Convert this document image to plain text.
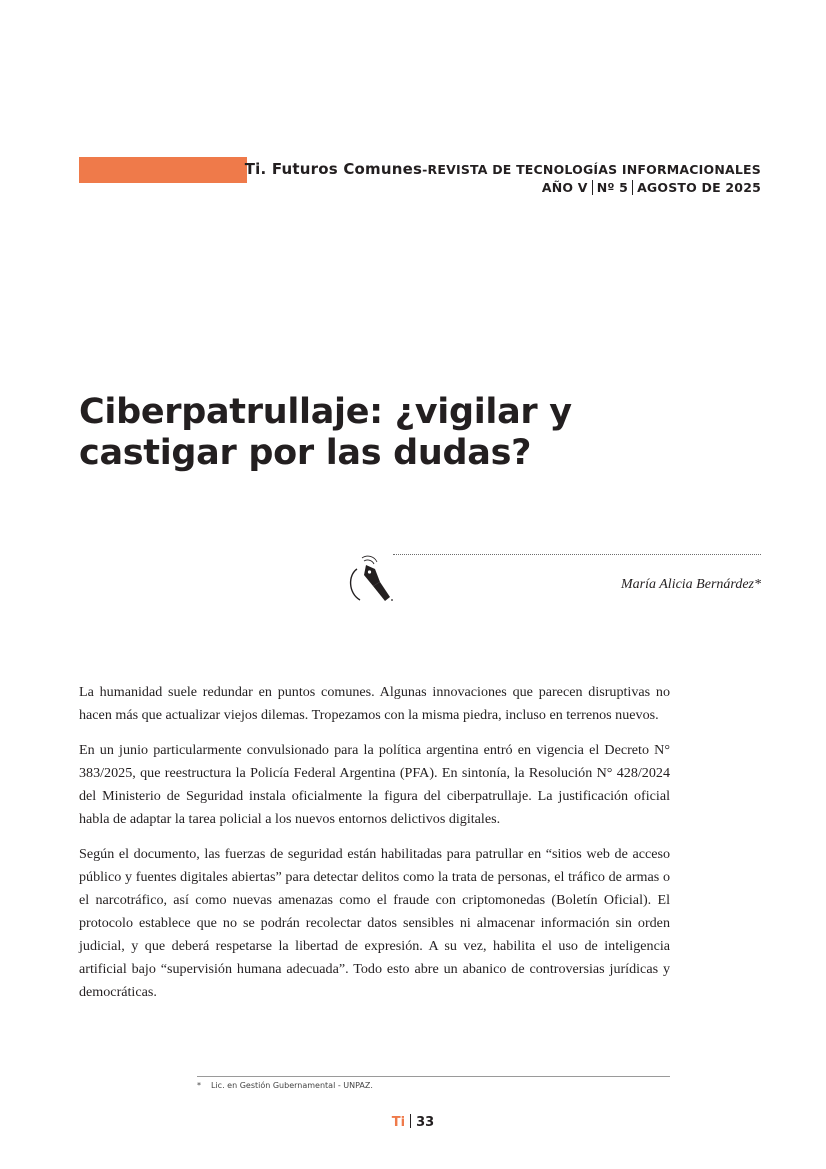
Ti. Futuros Comunes-REVISTA DE TECNOLOGÍAS INFORMACIONALES
AÑO V Nº 5 AGOSTO DE 2025
Ciberpatrullaje: ¿vigilar y castigar por las dudas?
María Alicia Bernárdez*

La humanidad suele redundar en puntos comunes. Algunas innovaciones que parecen disruptivas no hacen más que actualizar viejos dilemas. Tropezamos con la misma piedra, incluso en terrenos nuevos.

En un junio particularmente convulsionado para la política argentina entró en vigencia el Decreto N° 383/2025, que reestructura la Policía Federal Argentina (PFA). En sintonía, la Resolución N° 428/2024 del Ministerio de Seguridad instala oficialmente la figura del ciberpatrullaje. La justificación oficial habla de adaptar la tarea policial a los nuevos entornos delictivos digitales.

Según el documento, las fuerzas de seguridad están habilitadas para patrullar en “sitios web de acceso público y fuentes digitales abiertas” para detectar delitos como la trata de personas, el tráfico de armas o el narcotráfico, así como nuevas amenazas como el fraude con criptomonedas (Boletín Oficial). El protocolo establece que no se podrán recolectar datos sensibles ni almacenar información sin orden judicial, y que deberá respetarse la libertad de expresión. A su vez, habilita el uso de inteligencia artificial bajo “supervisión humana adecuada”. Todo esto abre un abanico de controversias jurídicas y democráticas.

* Lic. en Gestión Gubernamental - UNPAZ.
Ti 33
